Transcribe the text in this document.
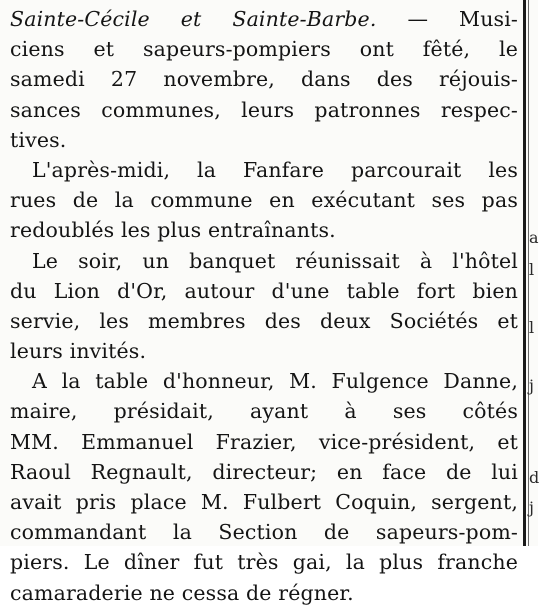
Sainte-Cécile et Sainte-Barbe. — Musi-
ciens et sapeurs-pompiers ont fêté, le
samedi 27 novembre, dans des réjouis-
sances communes, leurs patronnes respec-
tives.
L'après-midi, la Fanfare parcourait les
rues de la commune en exécutant ses pas
redoublés les plus entraînants.
Le soir, un banquet réunissait à l'hôtel
du Lion d'Or, autour d'une table fort bien
servie, les membres des deux Sociétés et
leurs invités.
A la table d'honneur, M. Fulgence Danne,
maire, présidait, ayant à ses côtés
MM. Emmanuel Frazier, vice-président, et
Raoul Regnault, directeur; en face de lui
avait pris place M. Fulbert Coquin, sergent,
commandant la Section de sapeurs-pom-
piers. Le dîner fut très gai, la plus franche
camaraderie ne cessa de régner.
a
l
l
j
d
j
